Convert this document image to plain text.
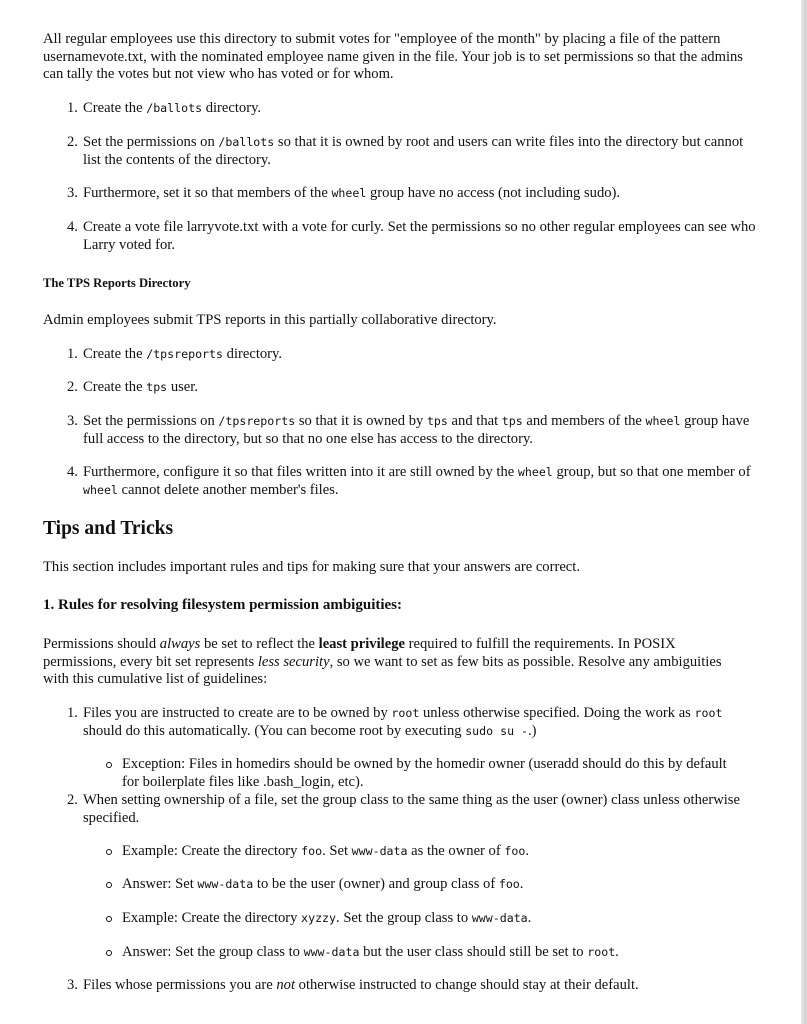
All regular employees use this directory to submit votes for "employee of the month" by placing a file of the pattern usernamevote.txt, with the nominated employee name given in the file. Your job is to set permissions so that the admins can tally the votes but not view who has voted or for whom.

1. Create the /ballots directory.
2. Set the permissions on /ballots so that it is owned by root and users can write files into the directory but cannot list the contents of the directory.
3. Furthermore, set it so that members of the wheel group have no access (not including sudo).
4. Create a vote file larryvote.txt with a vote for curly. Set the permissions so no other regular employees can see who Larry voted for.
The TPS Reports Directory

Admin employees submit TPS reports in this partially collaborative directory.

1. Create the /tpsreports directory.
2. Create the tps user.
3. Set the permissions on /tpsreports so that it is owned by tps and that tps and members of the wheel group have full access to the directory, but so that no one else has access to the directory.
4. Furthermore, configure it so that files written into it are still owned by the wheel group, but so that one member of wheel cannot delete another member's files.
Tips and Tricks

This section includes important rules and tips for making sure that your answers are correct.

1. Rules for resolving filesystem permission ambiguities:

Permissions should always be set to reflect the least privilege required to fulfill the requirements. In POSIX permissions, every bit set represents less security, so we want to set as few bits as possible. Resolve any ambiguities with this cumulative list of guidelines:

1. Files you are instructed to create are to be owned by root unless otherwise specified. Doing the work as root should do this automatically. (You can become root by executing sudo su -.)
Exception: Files in homedirs should be owned by the homedir owner (useradd should do this by default for boilerplate files like .bash_login, etc).
2. When setting ownership of a file, set the group class to the same thing as the user (owner) class unless otherwise specified.
Example: Create the directory foo. Set www-data as the owner of foo.
Answer: Set www-data to be the user (owner) and group class of foo.
Example: Create the directory xyzzy. Set the group class to www-data.
Answer: Set the group class to www-data but the user class should still be set to root.
3. Files whose permissions you are not otherwise instructed to change should stay at their default.
